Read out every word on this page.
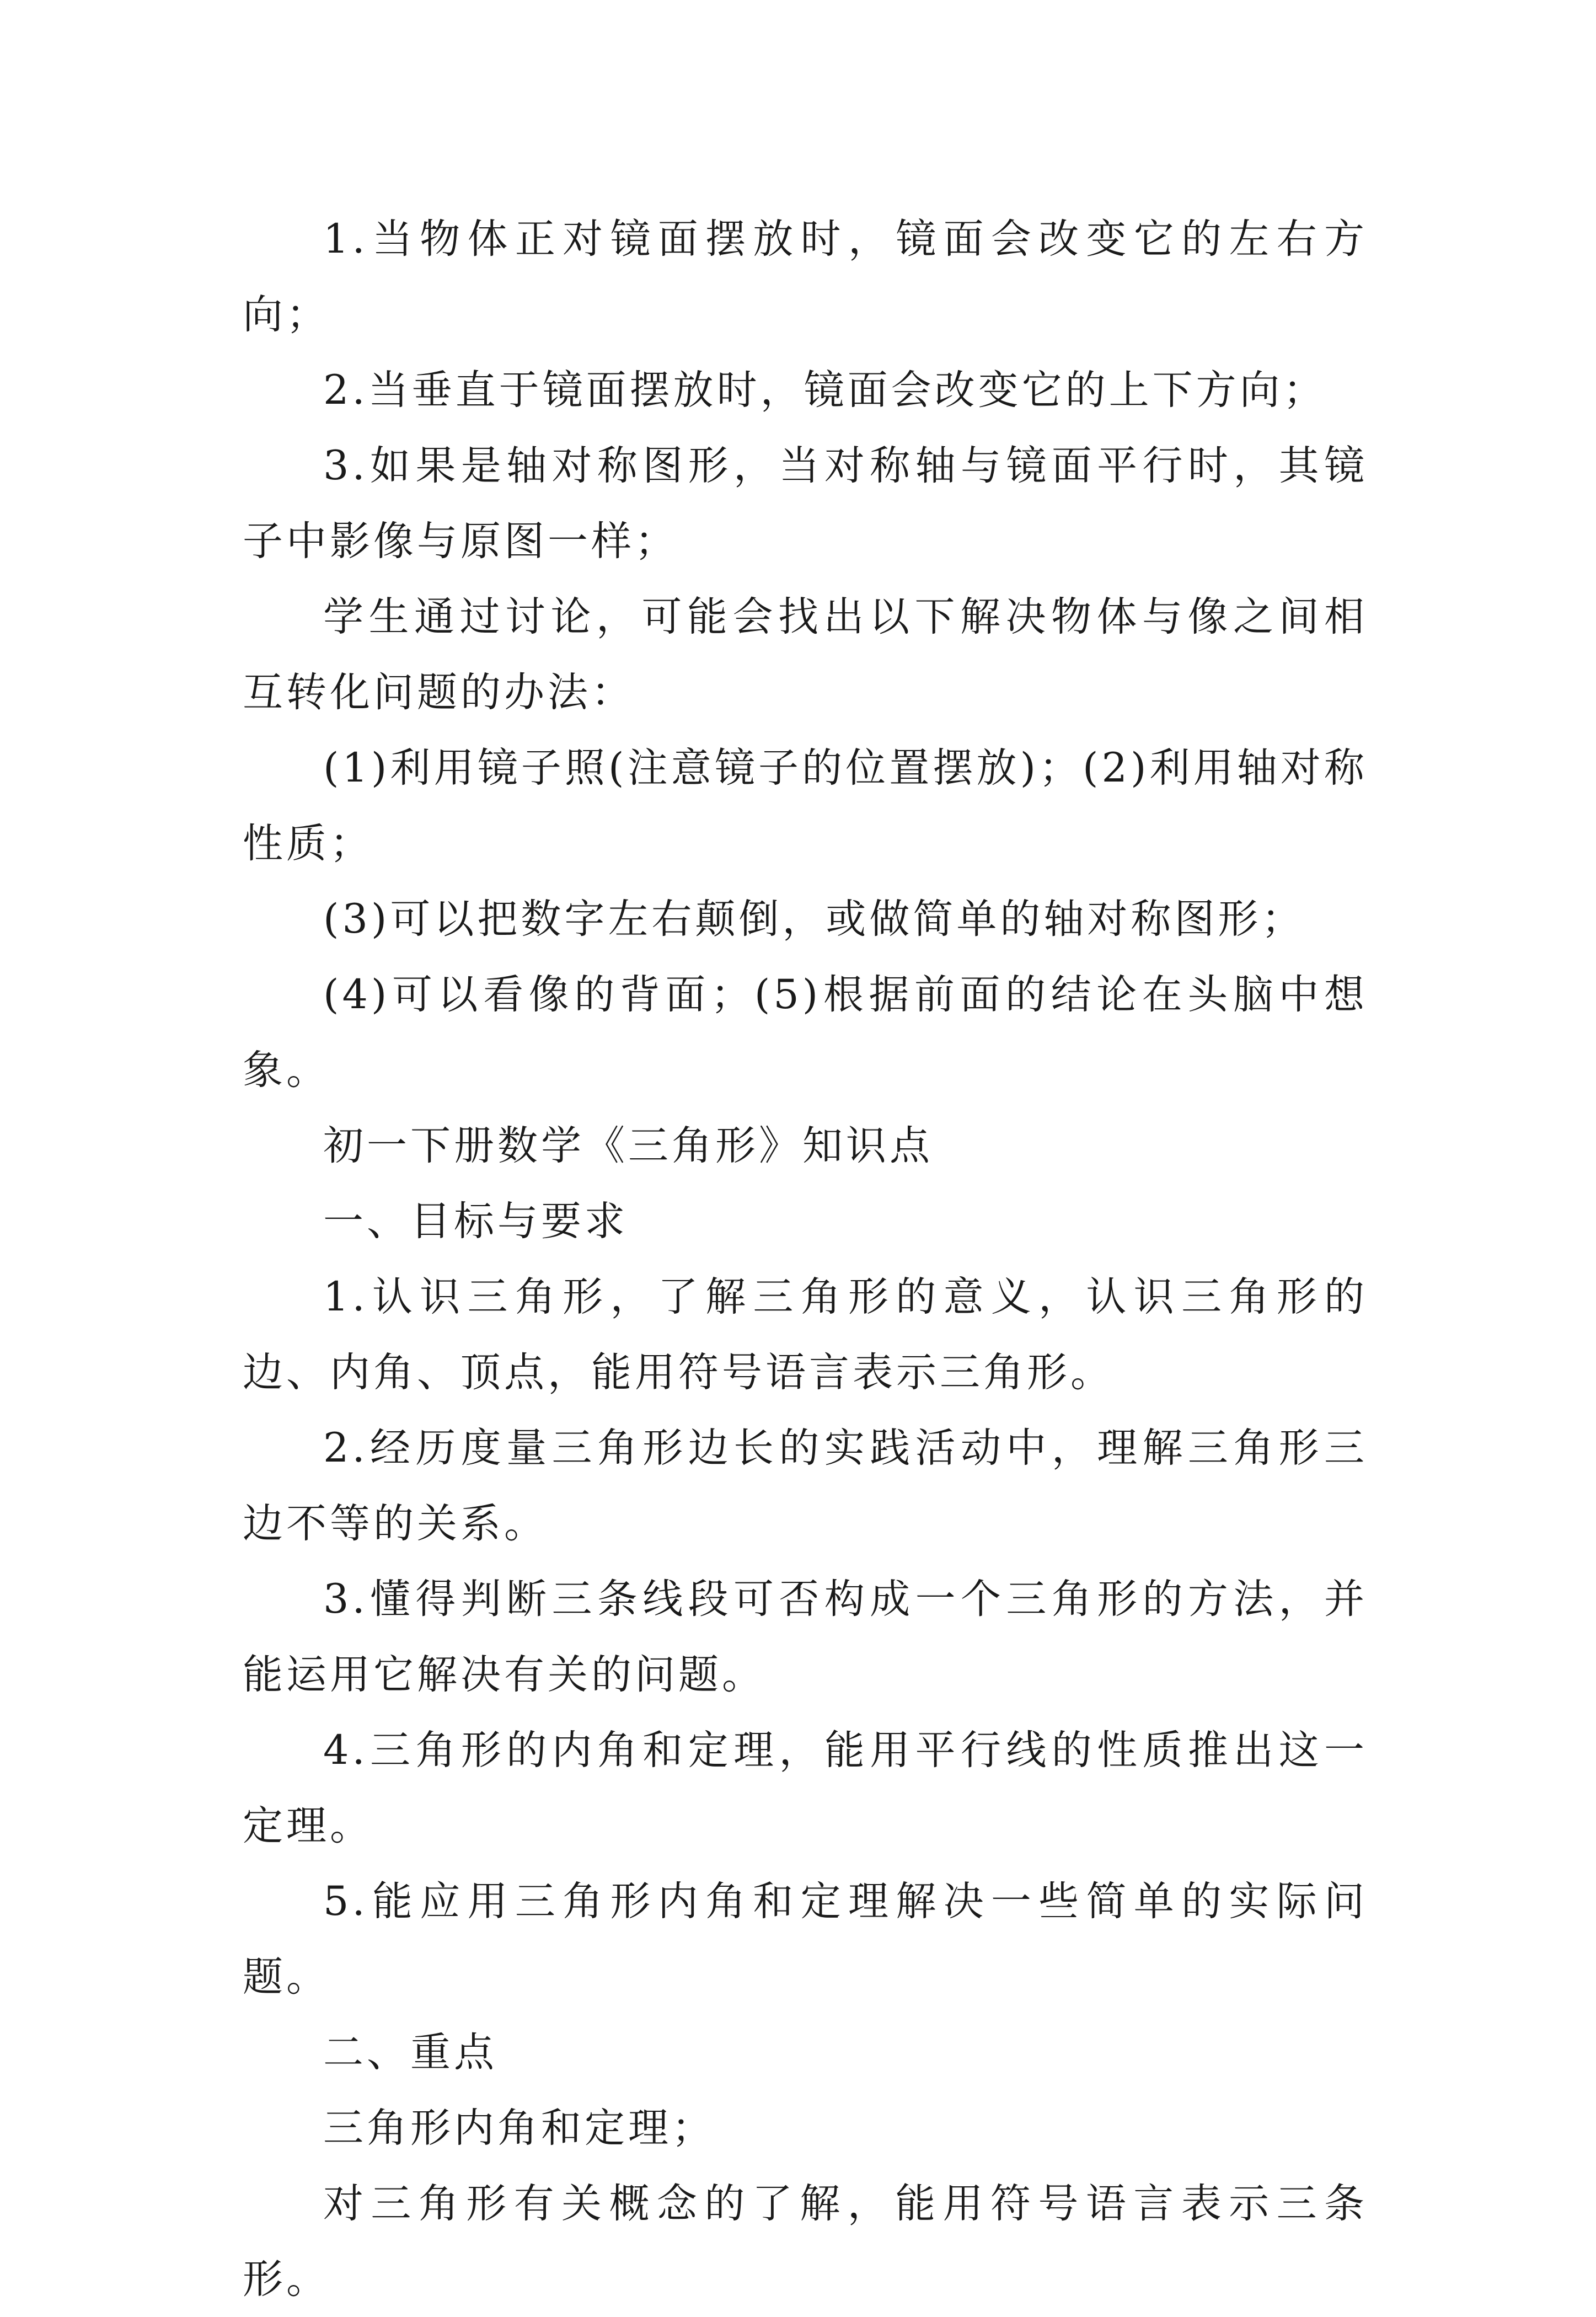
1.当物体正对镜面摆放时，镜面会改变它的左右方向；

2.当垂直于镜面摆放时，镜面会改变它的上下方向；

3.如果是轴对称图形，当对称轴与镜面平行时，其镜子中影像与原图一样；

学生通过讨论，可能会找出以下解决物体与像之间相互转化问题的办法：

(1)利用镜子照(注意镜子的位置摆放)；(2)利用轴对称性质；

(3)可以把数字左右颠倒，或做简单的轴对称图形；

(4)可以看像的背面；(5)根据前面的结论在头脑中想象。

初一下册数学《三角形》知识点

一、目标与要求

1.认识三角形，了解三角形的意义，认识三角形的边、内角、顶点，能用符号语言表示三角形。

2.经历度量三角形边长的实践活动中，理解三角形三边不等的关系。

3.懂得判断三条线段可否构成一个三角形的方法，并能运用它解决有关的问题。

4.三角形的内角和定理，能用平行线的性质推出这一定理。

5.能应用三角形内角和定理解决一些简单的实际问题。

二、重点

三角形内角和定理；

对三角形有关概念的了解，能用符号语言表示三条形。
